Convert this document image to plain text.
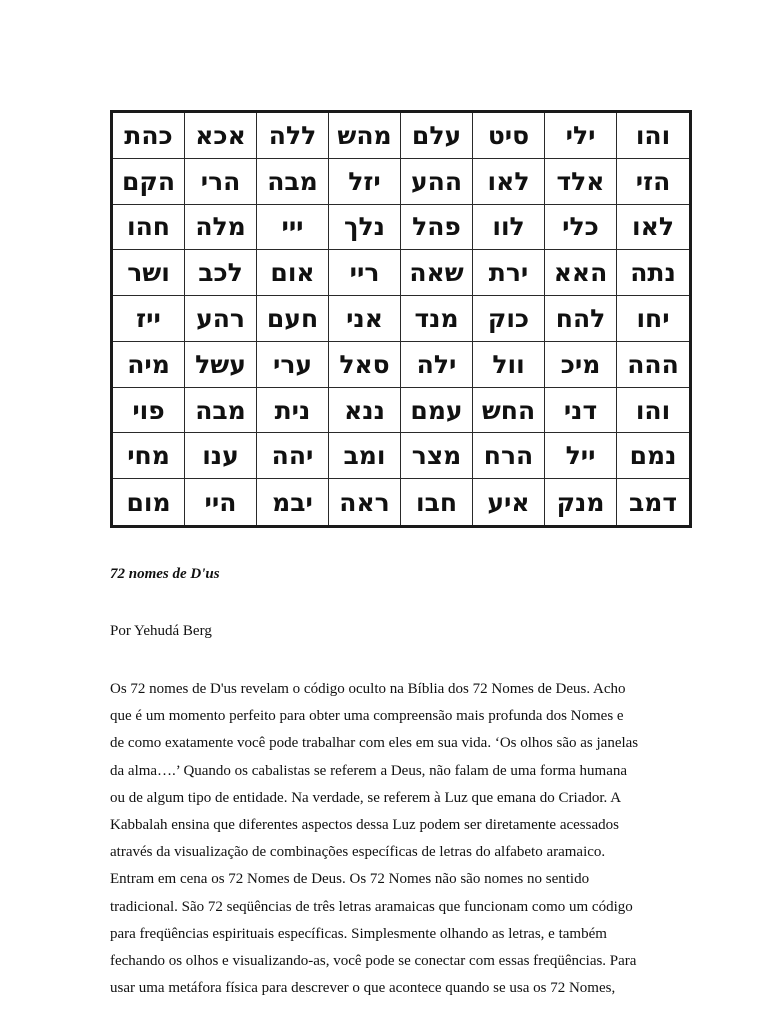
כהת אכא ללה מהש עלם	סיט	ילי	והו
הקם	הרי	מבה	יזל	ההע	לאו	אלד	הזי
חהו	מלה	ייי	נלך	פהל	לוו	כלי	לאו
ושר	לכב	אום	ריי	שאה	ירת	האא נתה
ייז	רהע חעם	אני	מנד	כוק	להח	יחו
מיה	עשל	ערי	סאל	ילה	וול	מיכ	ההה
פוי	מבה	נית	ננא	עמם החש	דני	והו
מחי	ענו	יהה	ומב	מצר הרח	ייל	נמם
מום	היי	יבמ	ראה	חבו	איע	מנק דמב

72 nomes de D'us

Por Yehudá Berg

Os 72 nomes de D'us revelam o código oculto na Bíblia dos 72 Nomes de Deus. Acho
que é um momento perfeito para obter uma compreensão mais profunda dos Nomes e
de como exatamente você pode trabalhar com eles em sua vida. ‘Os olhos são as janelas
da alma….’ Quando os cabalistas se referem a Deus, não falam de uma forma humana
ou de algum tipo de entidade. Na verdade, se referem à Luz que emana do Criador. A
Kabbalah ensina que diferentes aspectos dessa Luz podem ser diretamente acessados
através da visualização de combinações específicas de letras do alfabeto aramaico.
Entram em cena os 72 Nomes de Deus. Os 72 Nomes não são nomes no sentido
tradicional. São 72 seqüências de três letras aramaicas que funcionam como um código
para freqüências espirituais específicas. Simplesmente olhando as letras, e também
fechando os olhos e visualizando-as, você pode se conectar com essas freqüências. Para
usar uma metáfora física para descrever o que acontece quando se usa os 72 Nomes,
